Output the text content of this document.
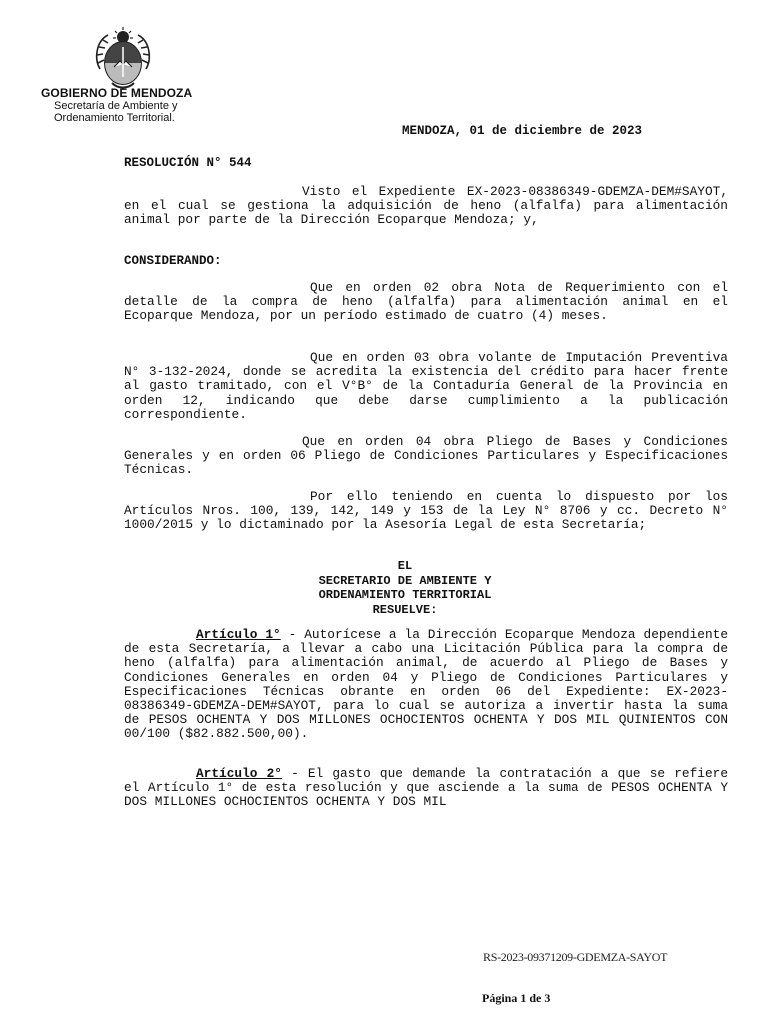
GOBIERNO DE MENDOZA
Secretaría de Ambiente y
Ordenamiento Territorial.
MENDOZA, 01 de diciembre de 2023
RESOLUCIÓN N° 544

Visto el Expediente EX-2023-08386349-GDEMZA-DEM#SAYOT, en el cual se gestiona la adquisición de heno (alfalfa) para alimentación animal por parte de la Dirección Ecoparque Mendoza; y,

CONSIDERANDO:

Que en orden 02 obra Nota de Requerimiento con el detalle de la compra de heno (alfalfa) para alimentación animal en el Ecoparque Mendoza, por un período estimado de cuatro (4) meses.

Que en orden 03 obra volante de Imputación Preventiva N° 3-132-2024, donde se acredita la existencia del crédito para hacer frente al gasto tramitado, con el V°B° de la Contaduría General de la Provincia en orden 12, indicando que debe darse cumplimiento a la publicación correspondiente.

Que en orden 04 obra Pliego de Bases y Condiciones Generales y en orden 06 Pliego de Condiciones Particulares y Especificaciones Técnicas.

Por ello teniendo en cuenta lo dispuesto por los Artículos Nros. 100, 139, 142, 149 y 153 de la Ley N° 8706 y cc. Decreto N° 1000/2015 y lo dictaminado por la Asesoría Legal de esta Secretaría;

EL
SECRETARIO DE AMBIENTE Y
ORDENAMIENTO TERRITORIAL
RESUELVE:

Artículo 1° - Autorícese a la Dirección Ecoparque Mendoza dependiente de esta Secretaría, a llevar a cabo una Licitación Pública para la compra de heno (alfalfa) para alimentación animal, de acuerdo al Pliego de Bases y Condiciones Generales en orden 04 y Pliego de Condiciones Particulares y Especificaciones Técnicas obrante en orden 06 del Expediente: EX-2023-08386349-GDEMZA-DEM#SAYOT, para lo cual se autoriza a invertir hasta la suma de PESOS OCHENTA Y DOS MILLONES OCHOCIENTOS OCHENTA Y DOS MIL QUINIENTOS CON 00/100 ($82.882.500,00).

Artículo 2° - El gasto que demande la contratación a que se refiere el Artículo 1° de esta resolución y que asciende a la suma de PESOS OCHENTA Y DOS MILLONES OCHOCIENTOS OCHENTA Y DOS MIL

RS-2023-09371209-GDEMZA-SAYOT
Página 1 de 3
